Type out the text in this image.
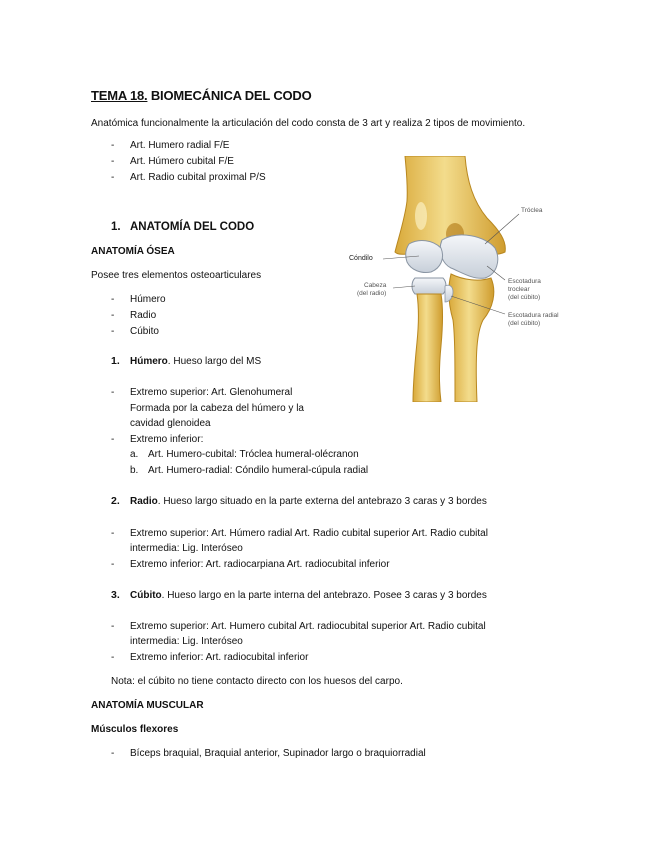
TEMA 18. BIOMECÁNICA DEL CODO
Anatómica funcionalmente la articulación del codo consta de 3 art y realiza 2 tipos de movimiento.
- Art. Humero radial F/E
- Art. Húmero cubital F/E
- Art. Radio cubital proximal P/S
1. ANATOMÍA DEL CODO
ANATOMÍA ÓSEA
Posee tres elementos osteoarticulares
- Húmero
- Radio
- Cúbito
1. Húmero. Hueso largo del MS
- Extremo superior: Art. Glenohumeral
Formada por la cabeza del húmero y la
cavidad glenoidea
- Extremo inferior:
a. Art. Humero-cubital: Tróclea humeral-olécranon
b. Art. Humero-radial: Cóndilo humeral-cúpula radial
2. Radio. Hueso largo situado en la parte externa del antebrazo 3 caras y 3 bordes
- Extremo superior: Art. Húmero radial Art. Radio cubital superior Art. Radio cubital
intermedia: Lig. Interóseo
- Extremo inferior: Art. radiocarpiana Art. radiocubital inferior
3. Cúbito. Hueso largo en la parte interna del antebrazo. Posee 3 caras y 3 bordes
- Extremo superior: Art. Humero cubital Art. radiocubital superior Art. Radio cubital
intermedia: Lig. Interóseo
- Extremo inferior: Art. radiocubital inferior
Nota: el cúbito no tiene contacto directo con los huesos del carpo.
ANATOMÍA MUSCULAR
Músculos flexores
- Bíceps braquial, Braquial anterior, Supinador largo o braquiorradial
Tróclea
Cóndilo
Cabeza
(del radio)
Escotadura
troclear
(del cúbito)
Escotadura radial
(del cúbito)
